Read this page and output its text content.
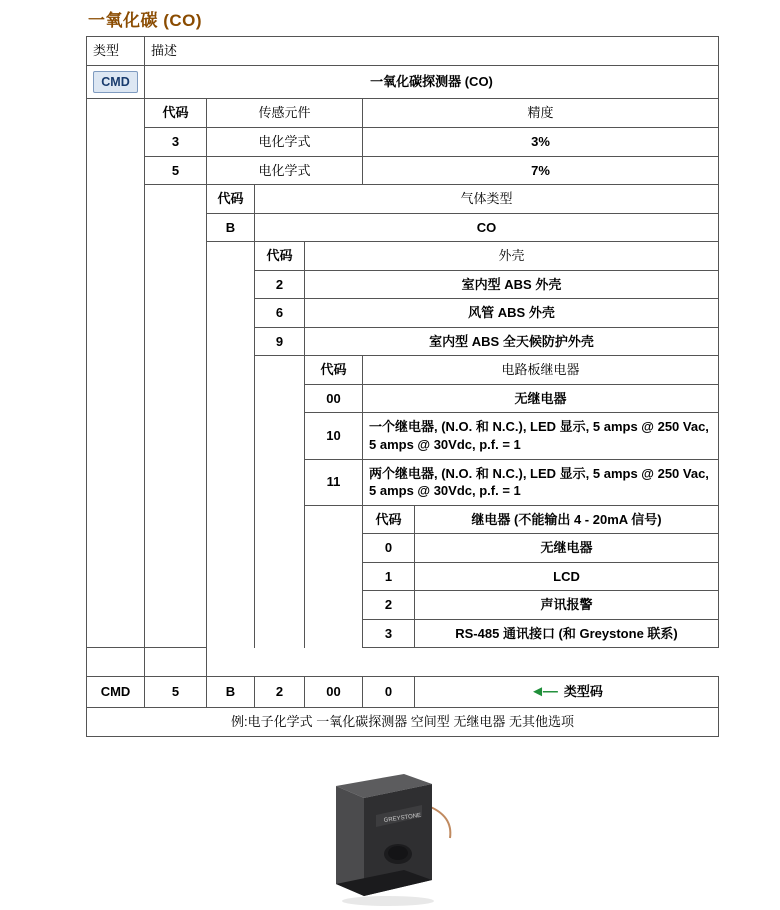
一氧化碳 (CO)
类型	描述					
CMD	一氧化碳探测器 (CO)					
	代码	传感元件			精度	
	3	电化学式			3%	
	5	电化学式			7%	
		代码	气体类型			
		B	CO			
			代码	外壳		
			2	室内型 ABS 外壳		
			6	风管 ABS 外壳		
			9	室内型 ABS 全天候防护外壳		
				代码	电路板继电器	
				00	无继电器	
				10	一个继电器, (N.O. 和 N.C.), LED 显示, 5 amps @ 250 Vac, 5 amps @ 30Vdc, p.f. = 1	
				11	两个继电器, (N.O. 和 N.C.), LED 显示, 5 amps @ 250 Vac, 5 amps @ 30Vdc, p.f. = 1	
					代码	继电器 (不能输出 4 - 20mA 信号)
					0	无继电器
					1	LCD
					2	声讯报警
					3	RS-485 通讯接口 (和 Greystone 联系)

CMD	5	B	2	00	0	◄— 类型码
例:电子化学式 一氧化碳探测器 空间型 无继电器 无其他选项						
GREYSTONE
